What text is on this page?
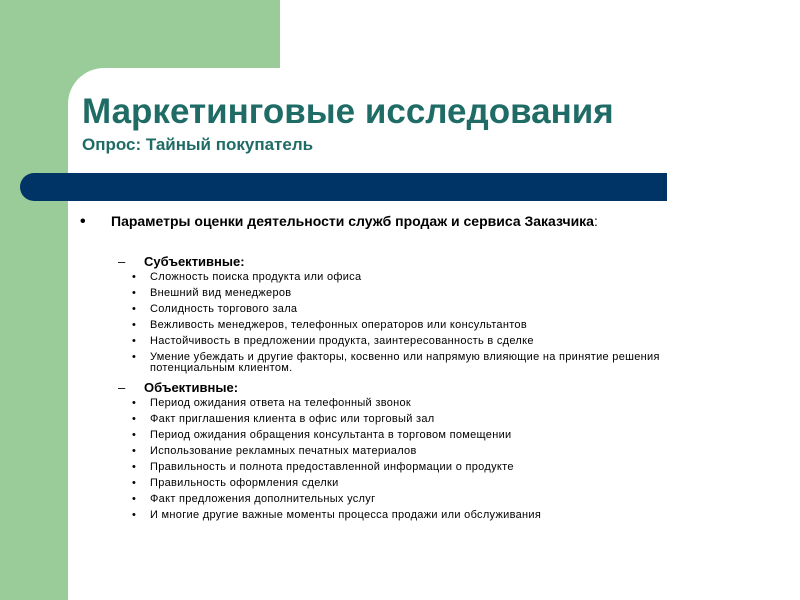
Маркетинговые исследования
Опрос: Тайный покупатель
•	Параметры оценки деятельности служб продаж и сервиса Заказчика:
–	Субъективные:
•	Сложность поиска продукта или офиса
•	Внешний вид менеджеров
•	Солидность торгового зала
•	Вежливость менеджеров, телефонных операторов или консультантов
•	Настойчивость в предложении продукта, заинтересованность в сделке
•	Умение убеждать и другие факторы, косвенно или напрямую влияющие на принятие решения потенциальным клиентом.
–	Объективные:
•	Период ожидания ответа на телефонный звонок
•	Факт приглашения клиента в офис или торговый зал
•	Период ожидания обращения консультанта в торговом помещении
•	Использование рекламных печатных материалов
•	Правильность и полнота предоставленной информации о продукте
•	Правильность оформления сделки
•	Факт предложения дополнительных услуг
•	И многие другие важные моменты процесса продажи или обслуживания
